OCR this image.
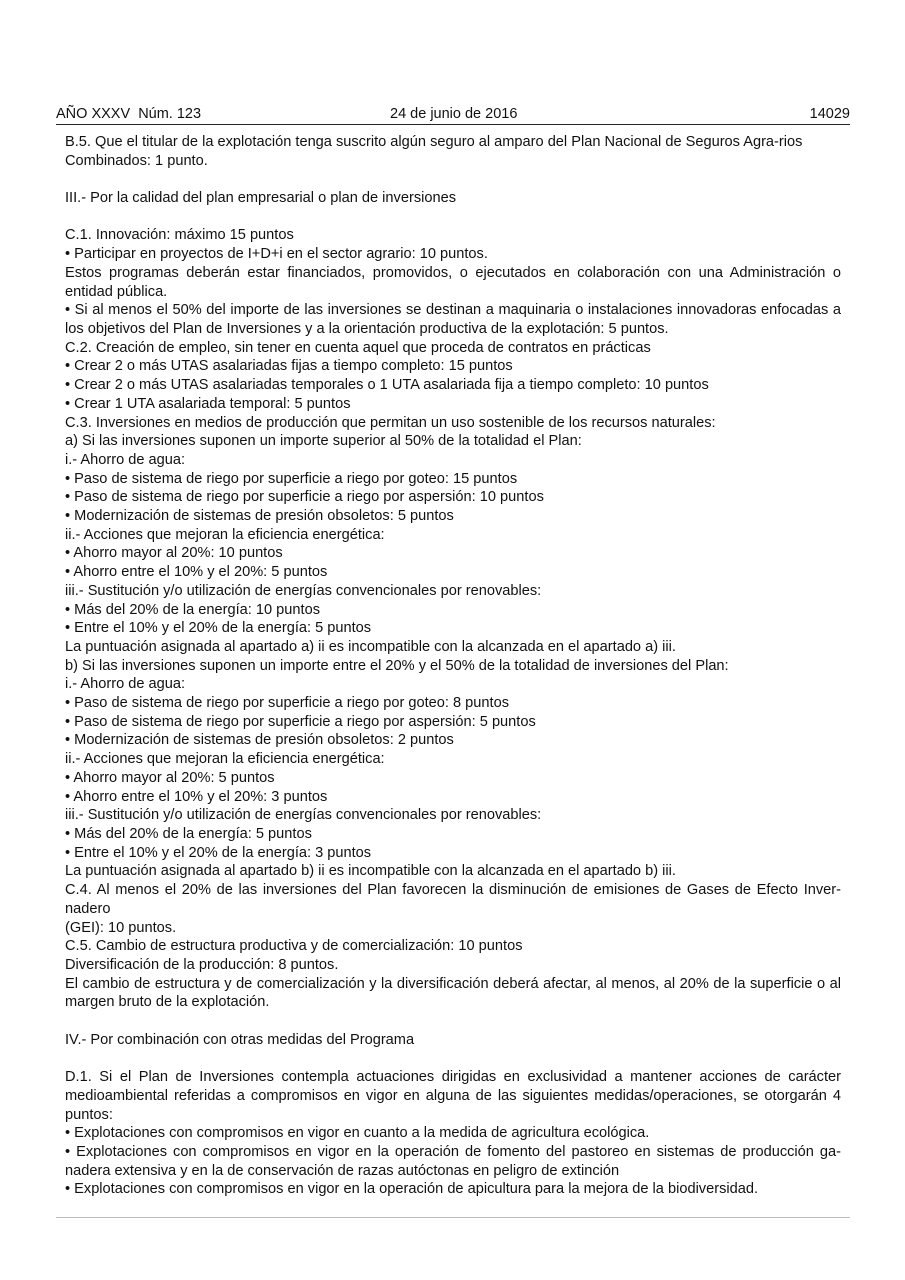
AÑO XXXV  Núm. 123	24 de junio de 2016	14029

B.5. Que el titular de la explotación tenga suscrito algún seguro al amparo del Plan Nacional de Seguros Agra-rios

Combinados: 1 punto.

III.- Por la calidad del plan empresarial o plan de inversiones

C.1. Innovación: máximo 15 puntos

• Participar en proyectos de I+D+i en el sector agrario: 10 puntos.

Estos programas deberán estar financiados, promovidos, o ejecutados en colaboración con una Administración o entidad pública.

• Si al menos el 50% del importe de las inversiones se destinan a maquinaria o instalaciones innovadoras enfocadas a los objetivos del Plan de Inversiones y a la orientación productiva de la explotación: 5 puntos.

C.2. Creación de empleo, sin tener en cuenta aquel que proceda de contratos en prácticas

• Crear 2 o más UTAS asalariadas fijas a tiempo completo: 15 puntos

• Crear 2 o más UTAS asalariadas temporales o 1 UTA asalariada fija a tiempo completo: 10 puntos

• Crear 1 UTA asalariada temporal: 5 puntos

C.3. Inversiones en medios de producción que permitan un uso sostenible de los recursos naturales:

a) Si las inversiones suponen un importe superior al 50% de la totalidad el Plan:

i.- Ahorro de agua:

• Paso de sistema de riego por superficie a riego por goteo: 15 puntos

• Paso de sistema de riego por superficie a riego por aspersión: 10 puntos

• Modernización de sistemas de presión obsoletos: 5 puntos

ii.- Acciones que mejoran la eficiencia energética:

• Ahorro mayor al 20%: 10 puntos

• Ahorro entre el 10% y el 20%: 5 puntos

iii.- Sustitución y/o utilización de energías convencionales por renovables:

• Más del 20% de la energía: 10 puntos

• Entre el 10% y el 20% de la energía: 5 puntos

La puntuación asignada al apartado a) ii es incompatible con la alcanzada en el apartado a) iii.

b) Si las inversiones suponen un importe entre el 20% y el 50% de la totalidad de inversiones del Plan:

i.- Ahorro de agua:

• Paso de sistema de riego por superficie a riego por goteo: 8 puntos

• Paso de sistema de riego por superficie a riego por aspersión: 5 puntos

• Modernización de sistemas de presión obsoletos: 2 puntos

ii.- Acciones que mejoran la eficiencia energética:

• Ahorro mayor al 20%: 5 puntos

• Ahorro entre el 10% y el 20%: 3 puntos

iii.- Sustitución y/o utilización de energías convencionales por renovables:

• Más del 20% de la energía: 5 puntos

• Entre el 10% y el 20% de la energía: 3 puntos

La puntuación asignada al apartado b) ii es incompatible con la alcanzada en el apartado b) iii.

C.4. Al menos el 20% de las inversiones del Plan favorecen la disminución de emisiones de Gases de Efecto Inver-nadero

(GEI): 10 puntos.

C.5. Cambio de estructura productiva y de comercialización: 10 puntos

Diversificación de la producción: 8 puntos.

El cambio de estructura y de comercialización y la diversificación deberá afectar, al menos, al 20% de la superficie o al margen bruto de la explotación.

IV.- Por combinación con otras medidas del Programa

D.1. Si el Plan de Inversiones contempla actuaciones dirigidas en exclusividad a mantener acciones de carácter medioambiental referidas a compromisos en vigor en alguna de las siguientes medidas/operaciones, se otorgarán 4 puntos:

• Explotaciones con compromisos en vigor en cuanto a la medida de agricultura ecológica.

• Explotaciones con compromisos en vigor en la operación de fomento del pastoreo en sistemas de producción ga-nadera extensiva y en la de conservación de razas autóctonas en peligro de extinción

• Explotaciones con compromisos en vigor en la operación de apicultura para la mejora de la biodiversidad.
